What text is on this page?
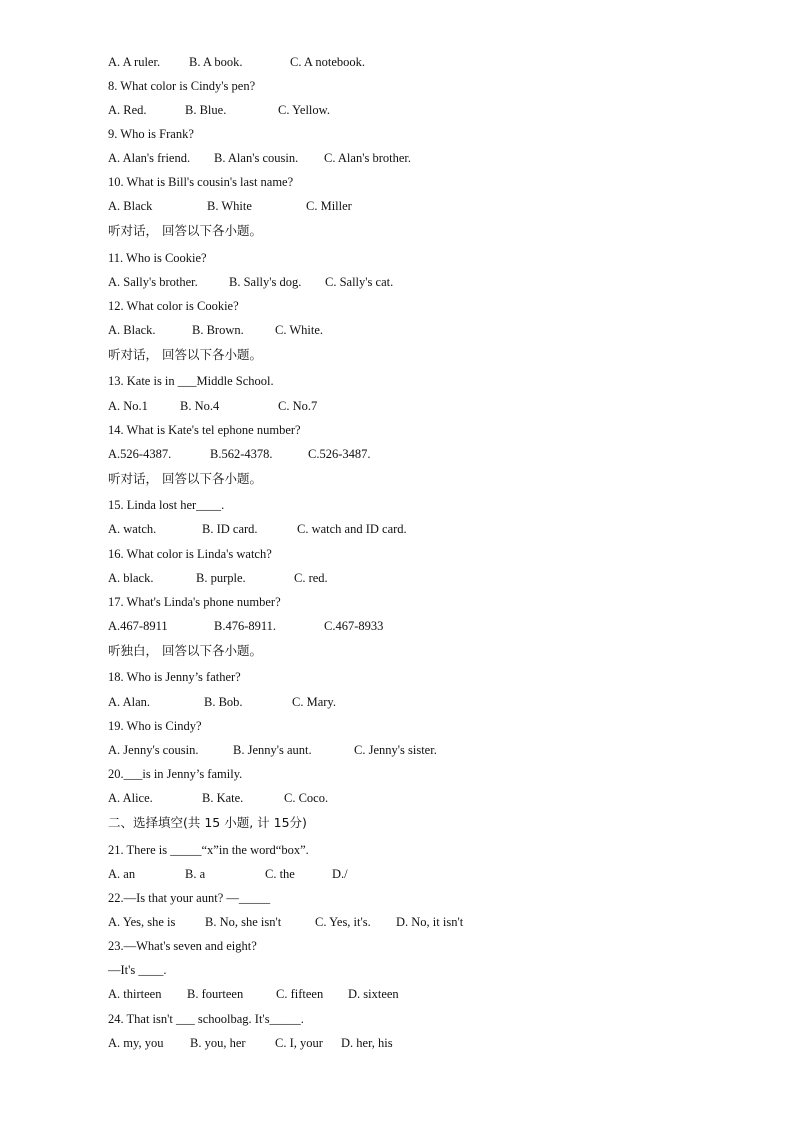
A. A ruler.	B. A book.	C. A notebook.
8. What color is Cindy's pen?
A. Red.	B. Blue.	C. Yellow.
9. Who is Frank?
A. Alan's friend.	B. Alan's cousin.	C. Alan's brother.
10. What is Bill's cousin's last name?
A. Black	B. White	C. Miller
听对话， 回答以下各小题。
11. Who is Cookie?
A. Sally's brother.	B. Sally's dog.	C. Sally's cat.
12. What color is Cookie?
A. Black.	B. Brown.	C. White.
听对话， 回答以下各小题。
13. Kate is in ___Middle School.
A. No.1	B. No.4	C. No.7
14. What is Kate's tel ephone number?
A.526-4387.	B.562-4378.	C.526-3487.
听对话， 回答以下各小题。
15. Linda lost her____.
A. watch.	B. ID card.	C. watch and ID card.
16. What color is Linda's watch?
A. black.	B. purple.	C. red.
17. What's Linda's phone number?
A.467-8911	B.476-8911.	C.467-8933
听独白， 回答以下各小题。
18. Who is Jenny’s father?
A. Alan.	B. Bob.	C. Mary.
19. Who is Cindy?
A. Jenny's cousin.	B. Jenny's aunt.	C. Jenny's sister.
20.___is in Jenny’s family.
A. Alice.	B. Kate.	C. Coco.
二、选择填空(共 15 小题, 计 15分)
21. There is _____“x”in the word“box”.
A. an	B. a	C. the	D./
22.—Is that your aunt? —_____
A. Yes, she is	B. No, she isn't	C. Yes, it's.	D. No, it isn't
23.—What's seven and eight?
—It's ____.
A. thirteen	B. fourteen	C. fifteen	D. sixteen
24. That isn't ___ schoolbag. It's_____.
A. my, you	B. you, her	C. I, your	D. her, his
